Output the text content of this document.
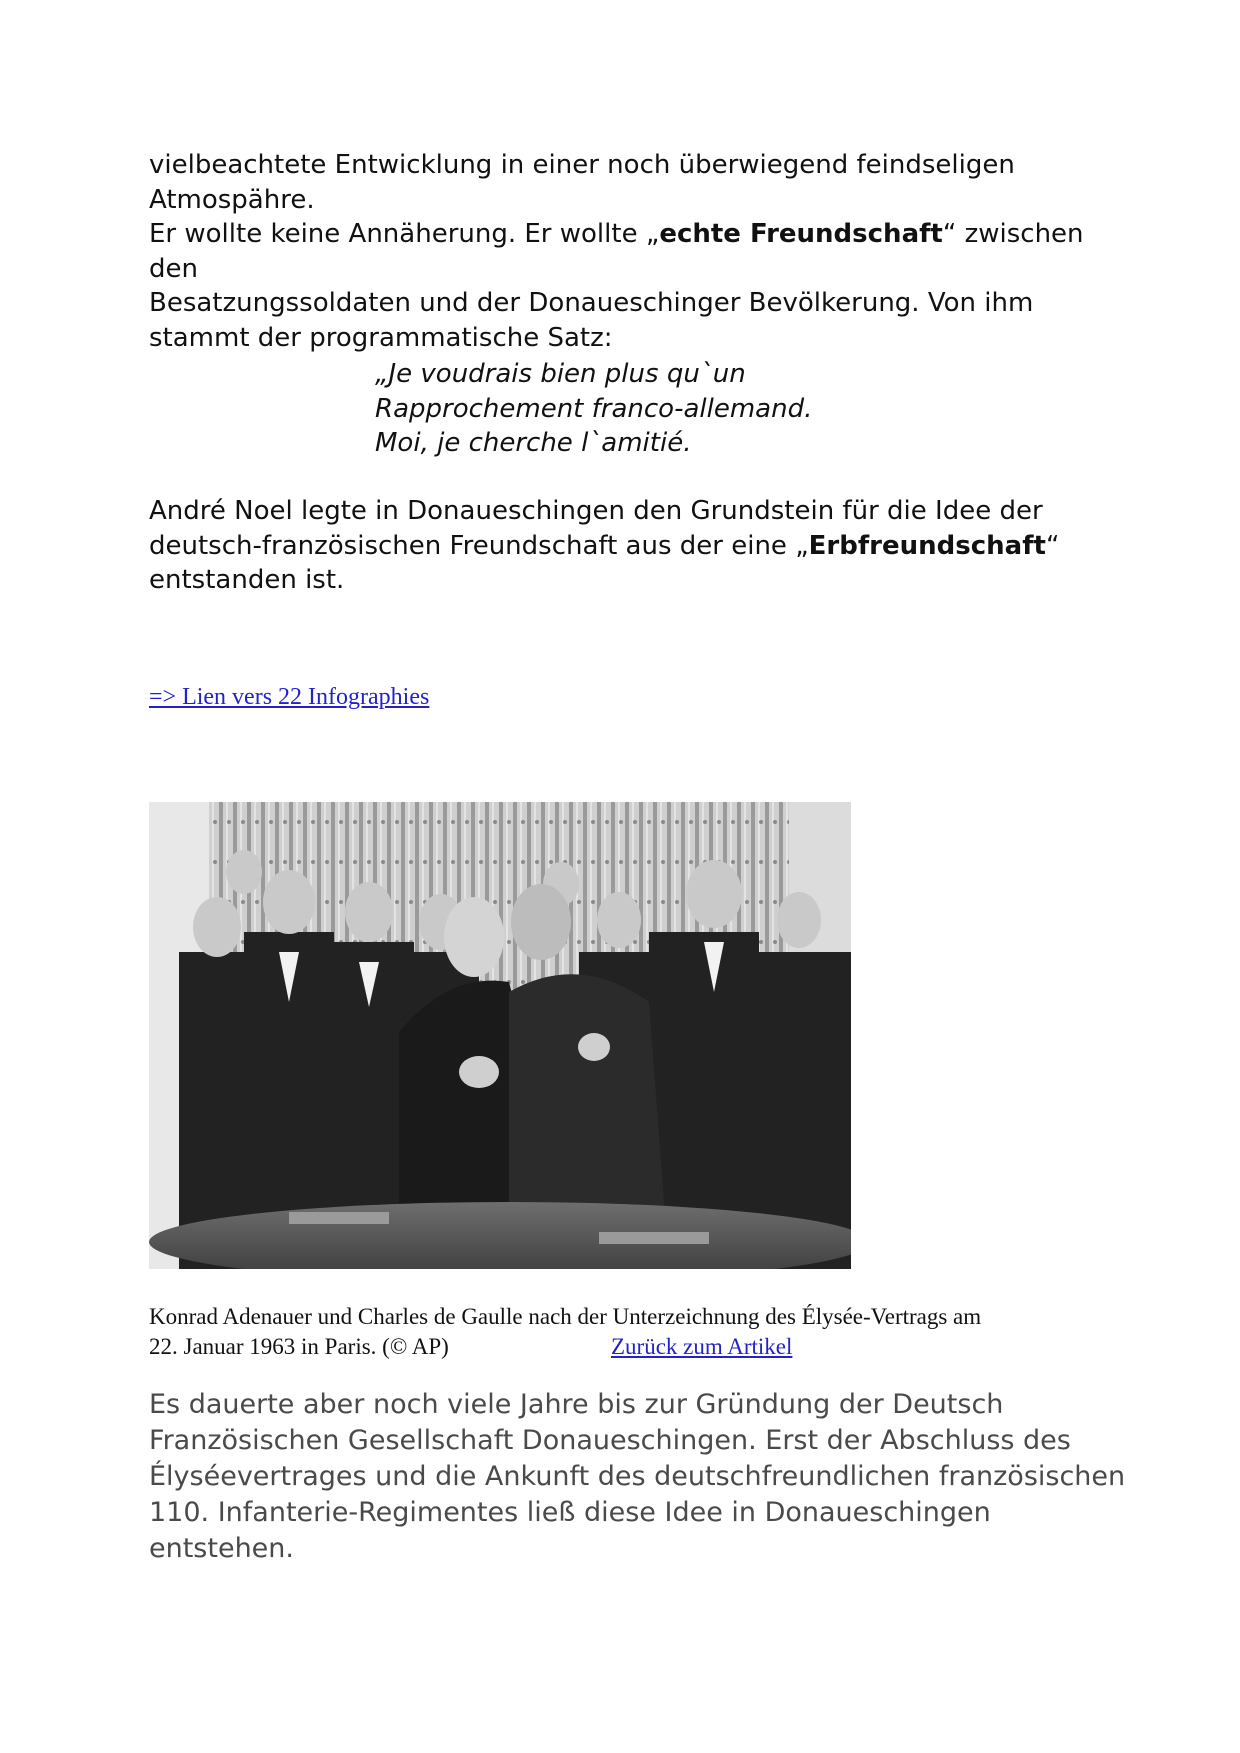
vielbeachtete Entwicklung in einer noch überwiegend feindseligen
Atmospähre.
Er wollte keine Annäherung. Er wollte „echte Freundschaft“ zwischen den
Besatzungssoldaten und der Donaueschinger Bevölkerung. Von ihm
stammt der programmatische Satz:
„Je voudrais bien plus qu`un
Rapprochement franco-allemand.
Moi, je cherche l`amitié.
André Noel legte in Donaueschingen den Grundstein für die Idee der
deutsch-französischen Freundschaft aus der eine „Erbfreundschaft“
entstanden ist.
=> Lien vers 22 Infographies
Konrad Adenauer und Charles de Gaulle nach der Unterzeichnung des Élysée-Vertrags am
22. Januar 1963 in Paris. (© AP)	Zurück zum Artikel
Es dauerte aber noch viele Jahre bis zur Gründung der Deutsch
Französischen Gesellschaft Donaueschingen. Erst der Abschluss des
Élyséevertrages und die Ankunft des deutschfreundlichen französischen
110. Infanterie-Regimentes ließ diese Idee in Donaueschingen entstehen.
